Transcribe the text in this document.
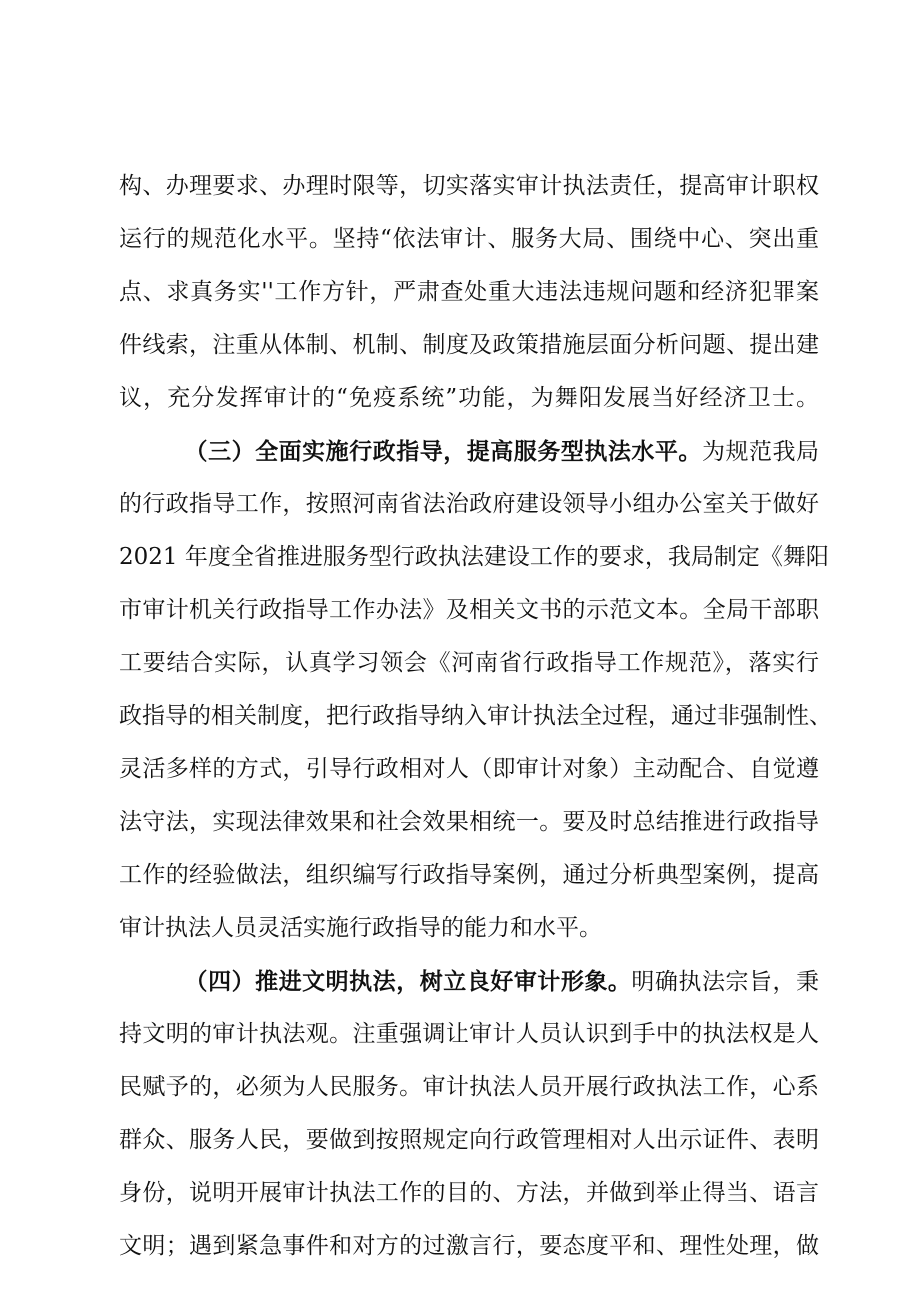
构、办理要求、办理时限等，切实落实审计执法责任，提高审计职权
运行的规范化水平。坚持“依法审计、服务大局、围绕中心、突出重
点、求真务实''工作方针，严肃查处重大违法违规问题和经济犯罪案
件线索，注重从体制、机制、制度及政策措施层面分析问题、提出建
议，充分发挥审计的“免疫系统”功能，为舞阳发展当好经济卫士。
（三）全面实施行政指导，提高服务型执法水平。为规范我局
的行政指导工作，按照河南省法治政府建设领导小组办公室关于做好
2021 年度全省推进服务型行政执法建设工作的要求，我局制定《舞阳
市审计机关行政指导工作办法》及相关文书的示范文本。全局干部职
工要结合实际，认真学习领会《河南省行政指导工作规范》，落实行
政指导的相关制度，把行政指导纳入审计执法全过程，通过非强制性、
灵活多样的方式，引导行政相对人（即审计对象）主动配合、自觉遵
法守法，实现法律效果和社会效果相统一。要及时总结推进行政指导
工作的经验做法，组织编写行政指导案例，通过分析典型案例，提高
审计执法人员灵活实施行政指导的能力和水平。
（四）推进文明执法，树立良好审计形象。明确执法宗旨，秉
持文明的审计执法观。注重强调让审计人员认识到手中的执法权是人
民赋予的，必须为人民服务。审计执法人员开展行政执法工作，心系
群众、服务人民，要做到按照规定向行政管理相对人出示证件、表明
身份，说明开展审计执法工作的目的、方法，并做到举止得当、语言
文明；遇到紧急事件和对方的过激言行，要态度平和、理性处理，做
